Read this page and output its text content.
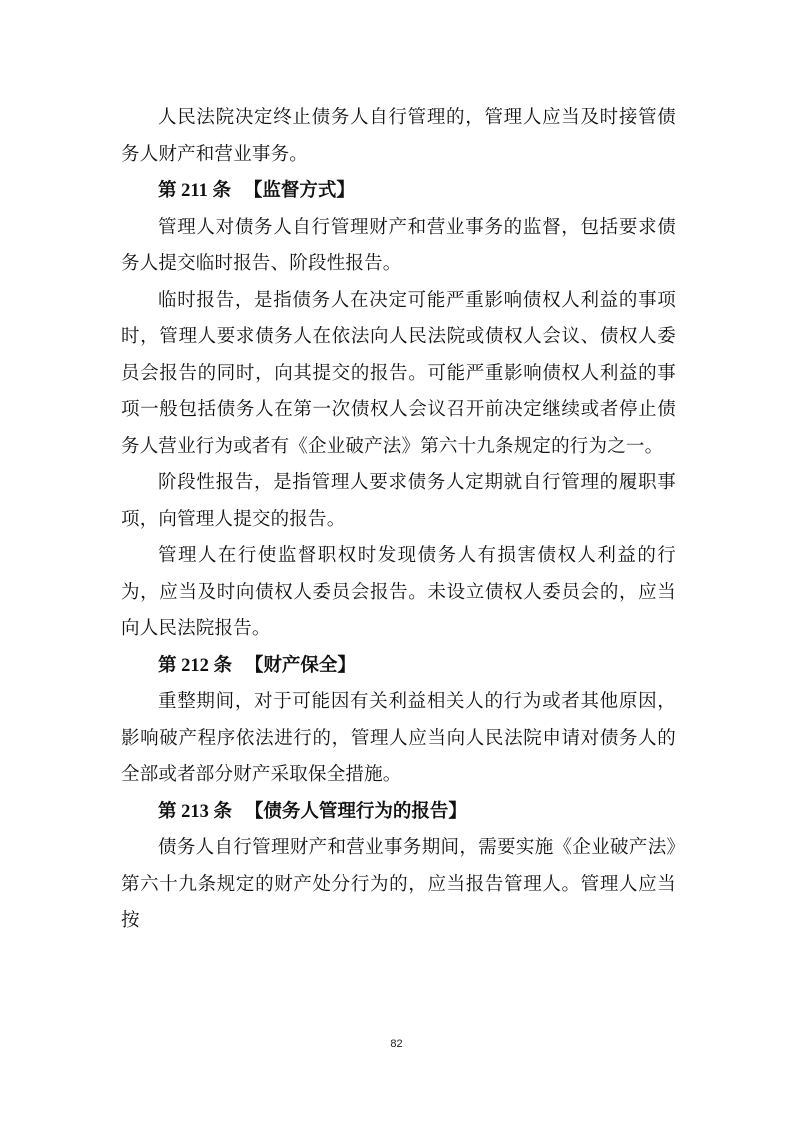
人民法院决定终止债务人自行管理的，管理人应当及时接管债务人财产和营业事务。

第 211 条 【监督方式】

管理人对债务人自行管理财产和营业事务的监督，包括要求债务人提交临时报告、阶段性报告。

临时报告，是指债务人在决定可能严重影响债权人利益的事项时，管理人要求债务人在依法向人民法院或债权人会议、债权人委员会报告的同时，向其提交的报告。可能严重影响债权人利益的事项一般包括债务人在第一次债权人会议召开前决定继续或者停止债务人营业行为或者有《企业破产法》第六十九条规定的行为之一。

阶段性报告，是指管理人要求债务人定期就自行管理的履职事项，向管理人提交的报告。

管理人在行使监督职权时发现债务人有损害债权人利益的行为，应当及时向债权人委员会报告。未设立债权人委员会的，应当向人民法院报告。

第 212 条 【财产保全】

重整期间，对于可能因有关利益相关人的行为或者其他原因，影响破产程序依法进行的，管理人应当向人民法院申请对债务人的全部或者部分财产采取保全措施。

第 213 条 【债务人管理行为的报告】

债务人自行管理财产和营业事务期间，需要实施《企业破产法》第六十九条规定的财产处分行为的，应当报告管理人。管理人应当按

82
